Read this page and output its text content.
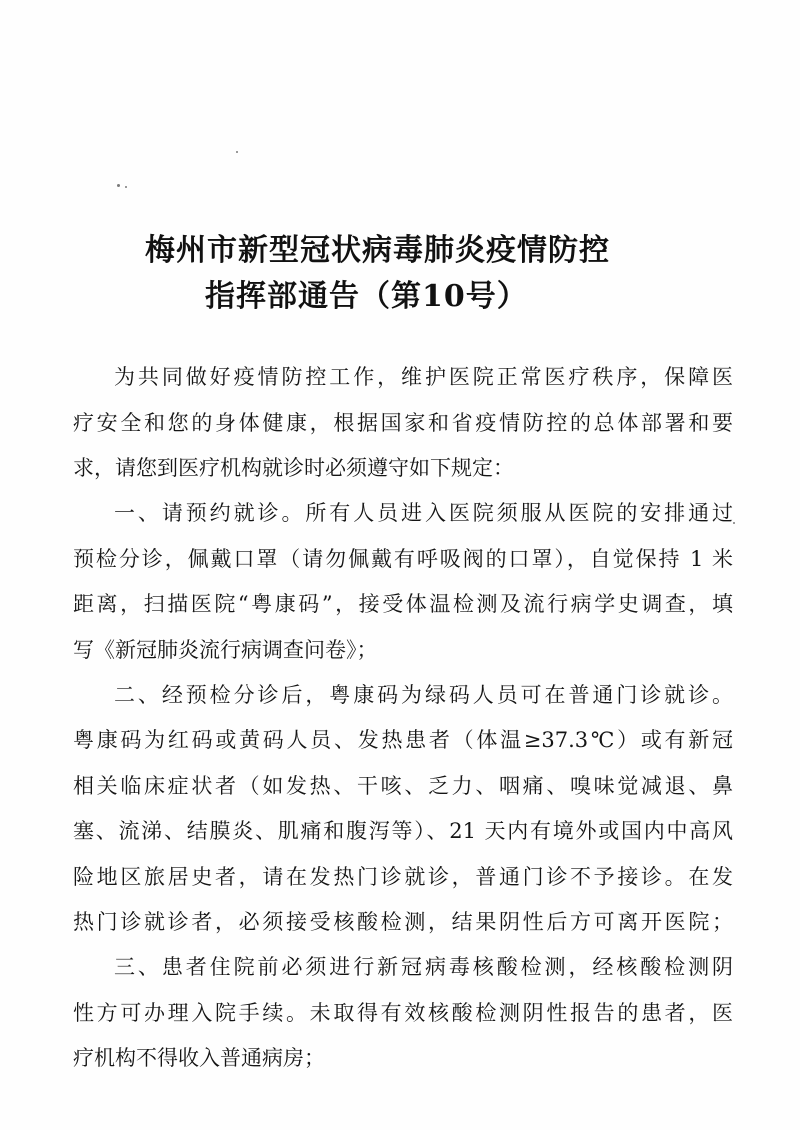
梅州市新型冠状病毒肺炎疫情防控
指挥部通告（第10号）
为共同做好疫情防控工作，维护医院正常医疗秩序，保障医
疗安全和您的身体健康，根据国家和省疫情防控的总体部署和要
求，请您到医疗机构就诊时必须遵守如下规定：
一、请预约就诊。所有人员进入医院须服从医院的安排通过
预检分诊，佩戴口罩（请勿佩戴有呼吸阀的口罩），自觉保持 1 米
距离，扫描医院“粤康码”，接受体温检测及流行病学史调查，填
写《新冠肺炎流行病调查问卷》；
二、经预检分诊后，粤康码为绿码人员可在普通门诊就诊。
粤康码为红码或黄码人员、发热患者（体温≥37.3℃）或有新冠
相关临床症状者（如发热、干咳、乏力、咽痛、嗅味觉减退、鼻
塞、流涕、结膜炎、肌痛和腹泻等）、21 天内有境外或国内中高风
险地区旅居史者，请在发热门诊就诊，普通门诊不予接诊。在发
热门诊就诊者，必须接受核酸检测，结果阴性后方可离开医院；
三、患者住院前必须进行新冠病毒核酸检测，经核酸检测阴
性方可办理入院手续。未取得有效核酸检测阴性报告的患者，医
疗机构不得收入普通病房；
